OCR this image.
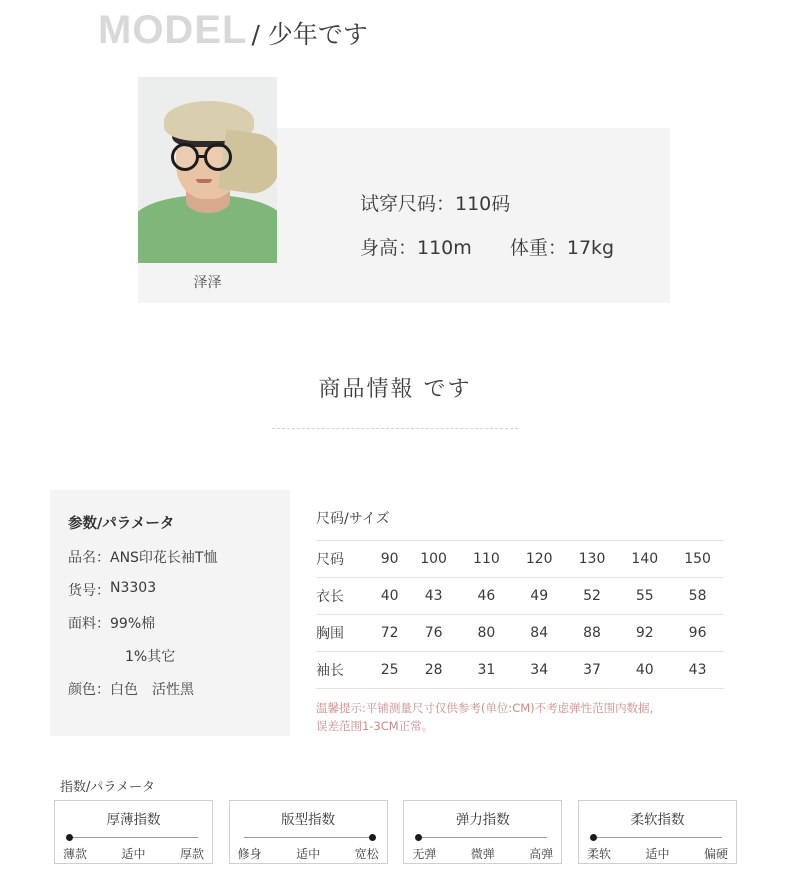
MODEL / 少年です
泽泽
试穿尺码：110码
身高：110m 体重：17kg
商品情報 です
参数/パラメータ
品名： ANS印花长袖T恤
货号： N3303
面料： 99%棉
1%其它
颜色： 白色　活性黑
尺码/サイズ
尺码	90	100	110	120	130	140	150
衣长	40	43	46	49	52	55	58
胸围	72	76	80	84	88	92	96
袖长	25	28	31	34	37	40	43
温馨提示:平铺测量尺寸仅供参考(单位:CM)不考虑弹性范围内数据,
误差范围1-3CM正常。
指数/パラメータ
厚薄指数
薄款	适中	厚款
版型指数
修身	适中	宽松
弹力指数
无弹	微弹	高弹
柔软指数
柔软	适中	偏硬
